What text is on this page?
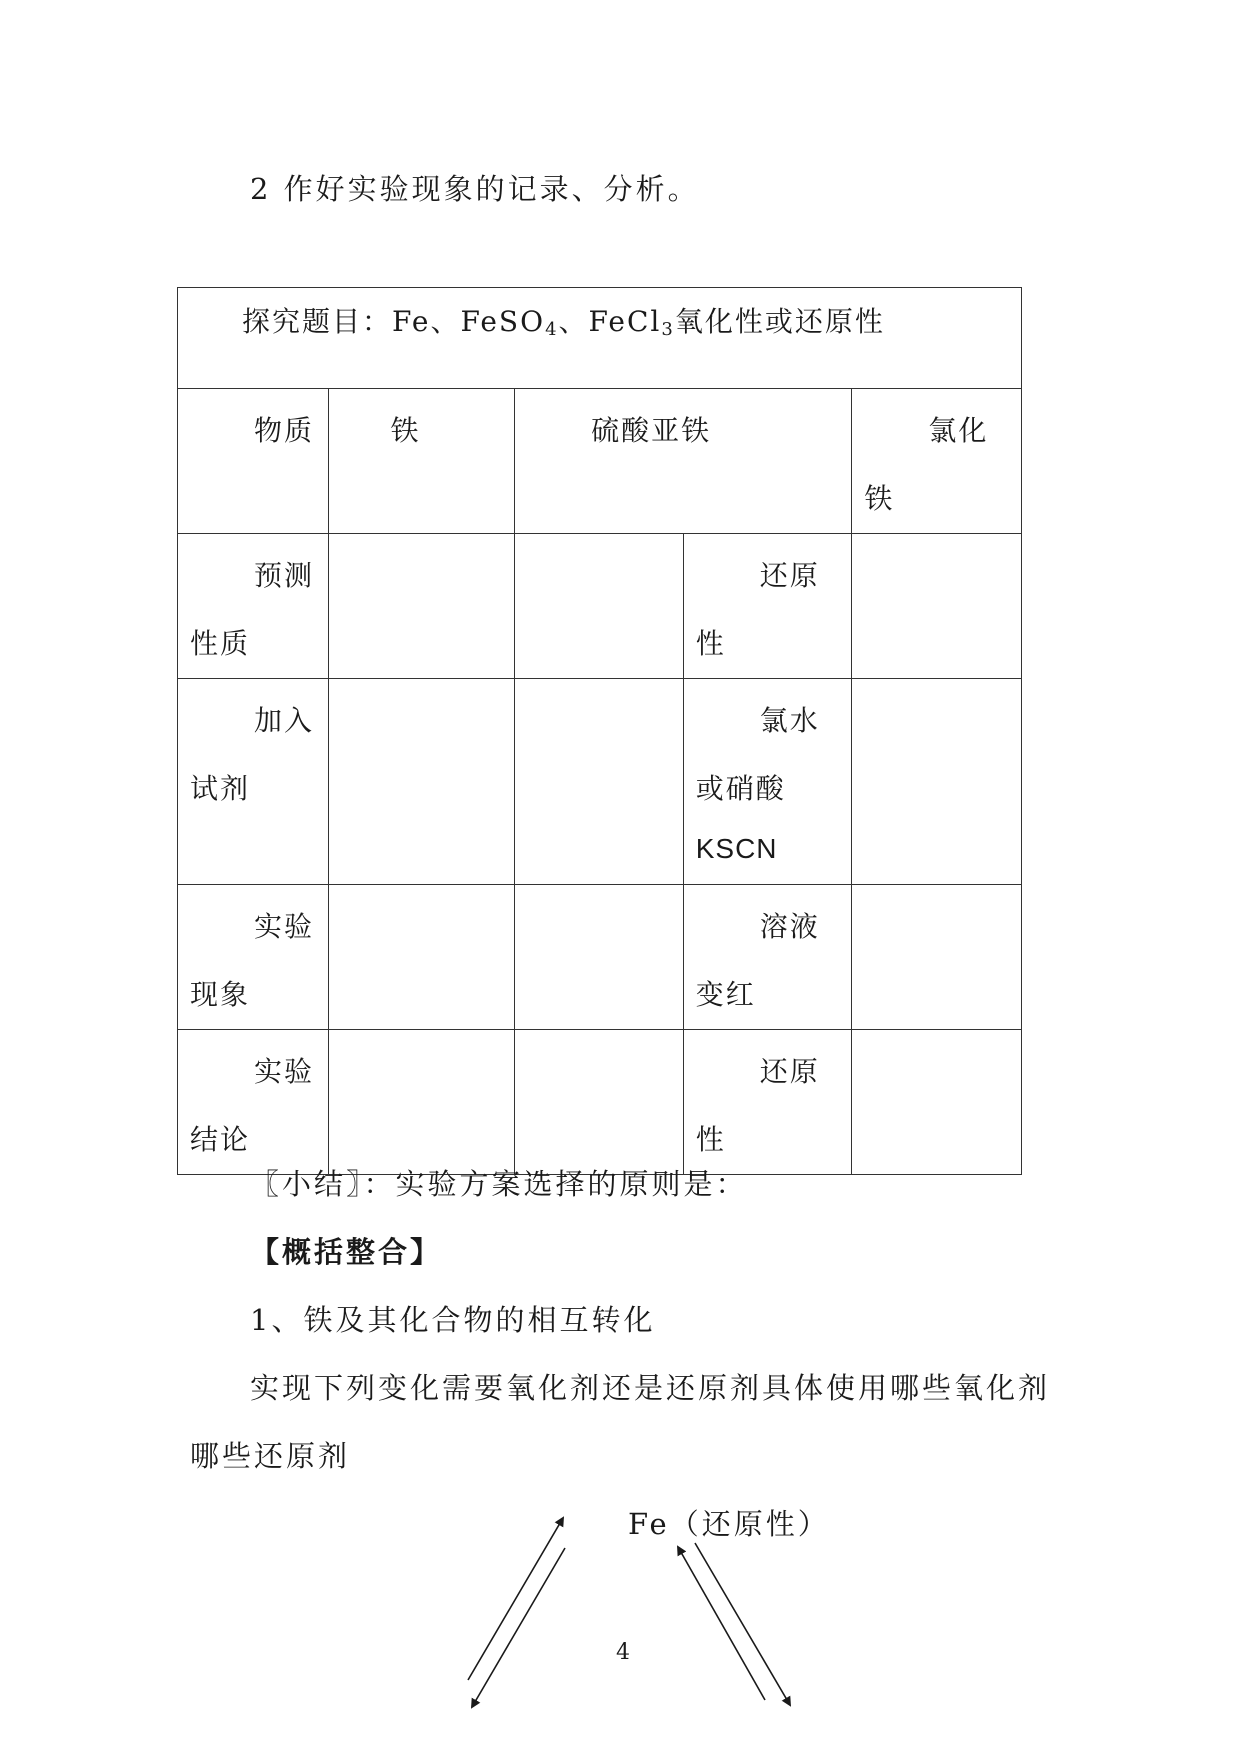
2 作好实验现象的记录、分析。
探究题目：Fe、FeSO$_4$、FeCl$_3$氧化性或还原性				

物质	铁	硫酸亚铁		氯化铁

预测性质			还原性	

加入试剂			氯水或硝酸
KSCN	

实验现象			溶液变红	

实验结论			还原性	

〖小结〗：实验方案选择的原则是：
【概括整合】
1、铁及其化合物的相互转化
实现下列变化需要氧化剂还是还原剂具体使用哪些氧化剂
哪些还原剂
Fe（还原性）
4
